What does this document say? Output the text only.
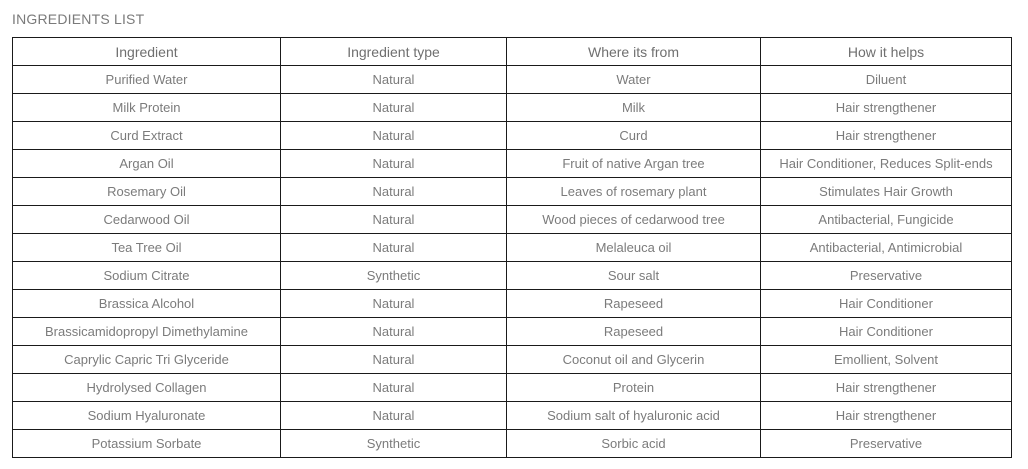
INGREDIENTS LIST
Ingredient	Ingredient type	Where its from	How it helps
Purified Water	Natural	Water	Diluent
Milk Protein	Natural	Milk	Hair strengthener
Curd Extract	Natural	Curd	Hair strengthener
Argan Oil	Natural	Fruit of native Argan tree	Hair Conditioner, Reduces Split-ends
Rosemary Oil	Natural	Leaves of rosemary plant	Stimulates Hair Growth
Cedarwood Oil	Natural	Wood pieces of cedarwood tree	Antibacterial, Fungicide
Tea Tree Oil	Natural	Melaleuca oil	Antibacterial, Antimicrobial
Sodium Citrate	Synthetic	Sour salt	Preservative
Brassica Alcohol	Natural	Rapeseed	Hair Conditioner
Brassicamidopropyl Dimethylamine	Natural	Rapeseed	Hair Conditioner
Caprylic Capric Tri Glyceride	Natural	Coconut oil and Glycerin	Emollient, Solvent
Hydrolysed Collagen	Natural	Protein	Hair strengthener
Sodium Hyaluronate	Natural	Sodium salt of hyaluronic acid	Hair strengthener
Potassium Sorbate	Synthetic	Sorbic acid	Preservative
